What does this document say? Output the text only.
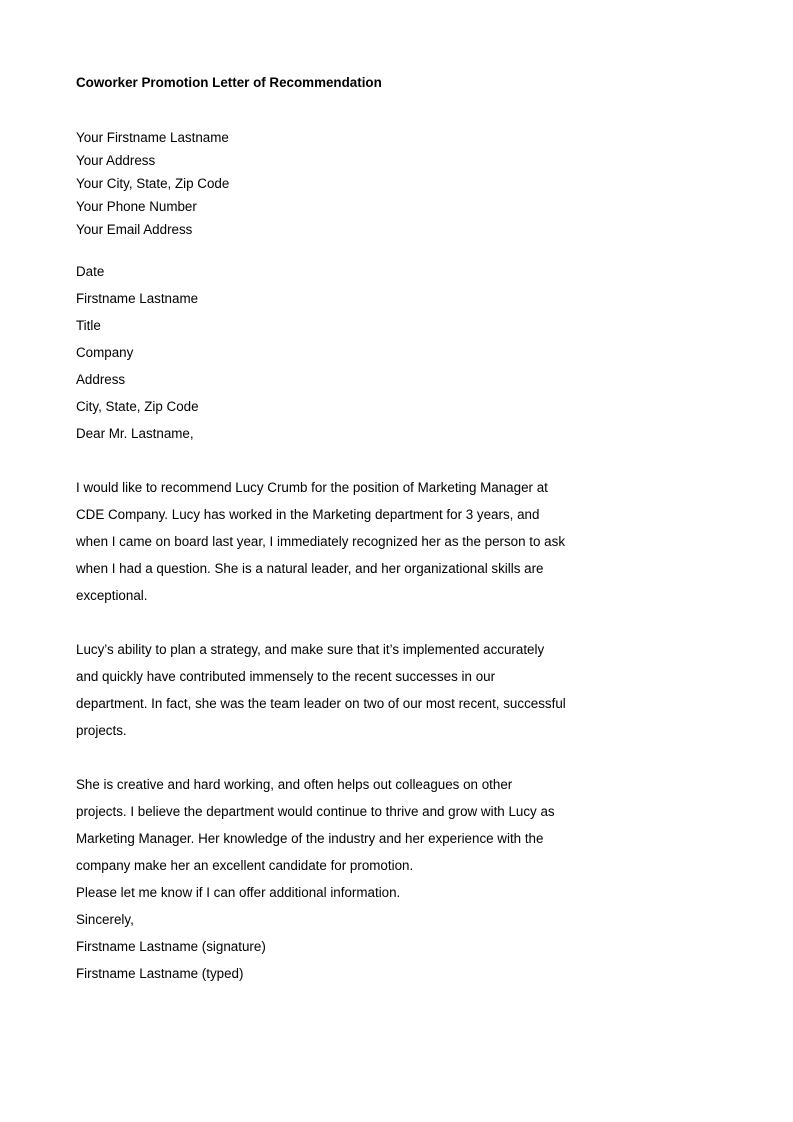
Coworker Promotion Letter of Recommendation

Your Firstname Lastname

Your Address

Your City, State, Zip Code

Your Phone Number

Your Email Address

Date

Firstname Lastname

Title

Company

Address

City, State, Zip Code

Dear Mr. Lastname,

I would like to recommend Lucy Crumb for the position of Marketing Manager at

CDE Company. Lucy has worked in the Marketing department for 3 years, and

when I came on board last year, I immediately recognized her as the person to ask

when I had a question. She is a natural leader, and her organizational skills are

exceptional.

Lucy’s ability to plan a strategy, and make sure that it’s implemented accurately

and quickly have contributed immensely to the recent successes in our

department. In fact, she was the team leader on two of our most recent, successful

projects.

She is creative and hard working, and often helps out colleagues on other

projects. I believe the department would continue to thrive and grow with Lucy as

Marketing Manager. Her knowledge of the industry and her experience with the

company make her an excellent candidate for promotion.

Please let me know if I can offer additional information.

Sincerely,

Firstname Lastname (signature)

Firstname Lastname (typed)
